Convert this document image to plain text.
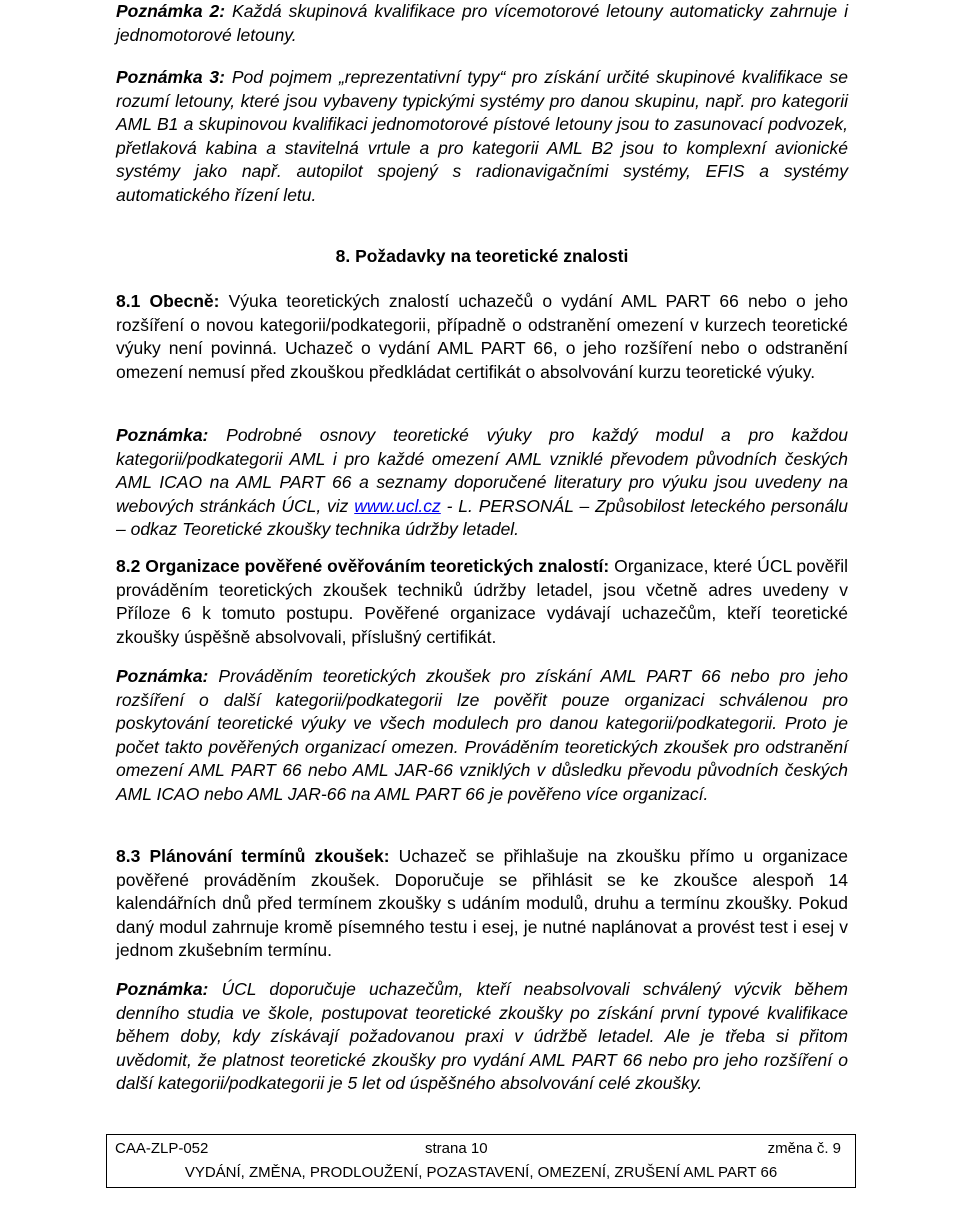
Poznámka 2: Každá skupinová kvalifikace pro vícemotorové letouny automaticky zahrnuje i jednomotorové letouny.

Poznámka 3: Pod pojmem „reprezentativní typy“ pro získání určité skupinové kvalifikace se rozumí letouny, které jsou vybaveny typickými systémy pro danou skupinu, např. pro kategorii AML B1 a skupinovou kvalifikaci jednomotorové pístové letouny jsou to zasunovací podvozek, přetlaková kabina a stavitelná vrtule a pro kategorii AML B2 jsou to komplexní avionické systémy jako např. autopilot spojený s radionavigačními systémy, EFIS a systémy automatického řízení letu.

8. Požadavky na teoretické znalosti

8.1 Obecně: Výuka teoretických znalostí uchazečů o vydání AML PART 66 nebo o jeho rozšíření o novou kategorii/podkategorii, případně o odstranění omezení v kurzech teoretické výuky není povinná. Uchazeč o vydání AML PART 66, o jeho rozšíření nebo o odstranění omezení nemusí před zkouškou předkládat certifikát o absolvování kurzu teoretické výuky.

Poznámka: Podrobné osnovy teoretické výuky pro každý modul a pro každou kategorii/podkategorii AML i pro každé omezení AML vzniklé převodem původních českých AML ICAO na AML PART 66 a seznamy doporučené literatury pro výuku jsou uvedeny na webových stránkách ÚCL, viz www.ucl.cz - L. PERSONÁL – Způsobilost leteckého personálu – odkaz Teoretické zkoušky technika údržby letadel.

8.2 Organizace pověřené ověřováním teoretických znalostí: Organizace, které ÚCL pověřil prováděním teoretických zkoušek techniků údržby letadel, jsou včetně adres uvedeny v Příloze 6 k tomuto postupu. Pověřené organizace vydávají uchazečům, kteří teoretické zkoušky úspěšně absolvovali, příslušný certifikát.

Poznámka: Prováděním teoretických zkoušek pro získání AML PART 66 nebo pro jeho rozšíření o další kategorii/podkategorii lze pověřit pouze organizaci schválenou pro poskytování teoretické výuky ve všech modulech pro danou kategorii/podkategorii. Proto je počet takto pověřených organizací omezen. Prováděním teoretických zkoušek pro odstranění omezení AML PART 66 nebo AML JAR-66 vzniklých v důsledku převodu původních českých AML ICAO nebo AML JAR-66 na AML PART 66 je pověřeno více organizací.

8.3 Plánování termínů zkoušek: Uchazeč se přihlašuje na zkoušku přímo u organizace pověřené prováděním zkoušek. Doporučuje se přihlásit se ke zkoušce alespoň 14 kalendářních dnů před termínem zkoušky s udáním modulů, druhu a termínu zkoušky. Pokud daný modul zahrnuje kromě písemného testu i esej, je nutné naplánovat a provést test i esej v jednom zkušebním termínu.

Poznámka: ÚCL doporučuje uchazečům, kteří neabsolvovali schválený výcvik během denního studia ve škole, postupovat teoretické zkoušky po získání první typové kvalifikace během doby, kdy získávají požadovanou praxi v údržbě letadel. Ale je třeba si přitom uvědomit, že platnost teoretické zkoušky pro vydání AML PART 66 nebo pro jeho rozšíření o další kategorii/podkategorii je 5 let od úspěšného absolvování celé zkoušky.

CAA-ZLP-052	strana 10	změna č. 9
VYDÁNÍ, ZMĚNA, PRODLOUŽENÍ, POZASTAVENÍ, OMEZENÍ, ZRUŠENÍ AML PART 66
